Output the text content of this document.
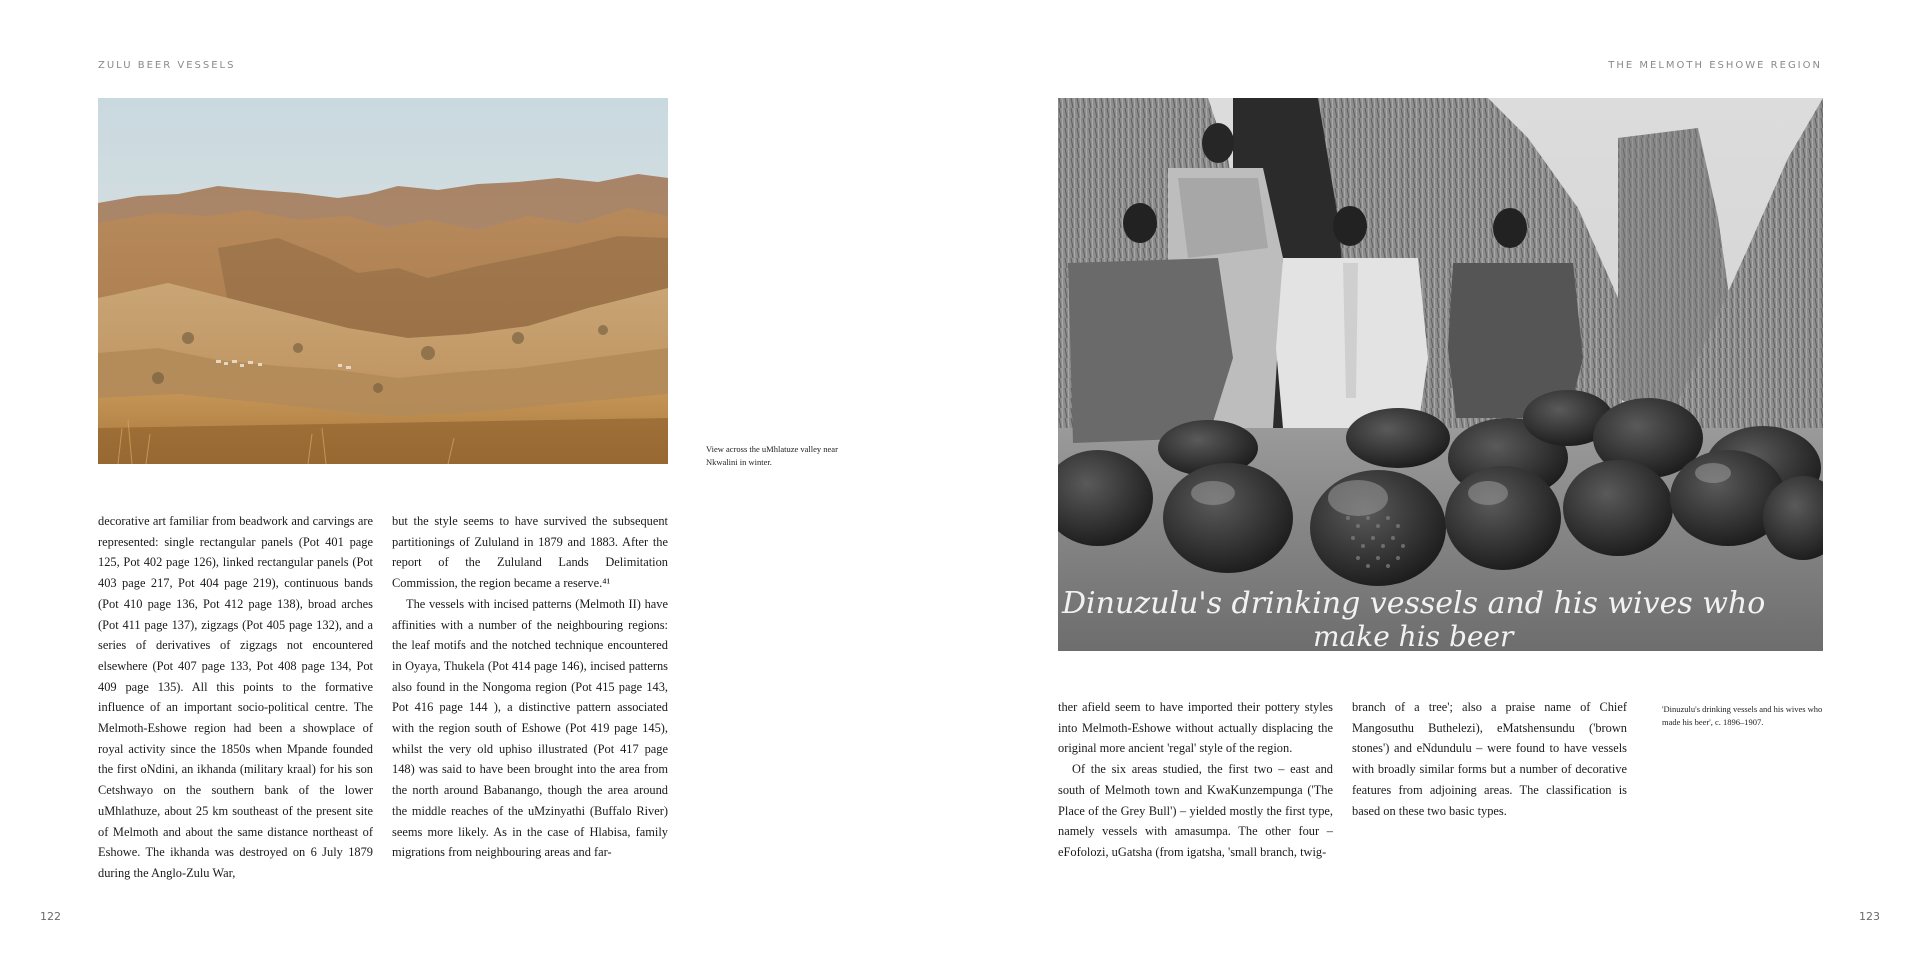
ZULU BEER VESSELS	THE MELMOTH ESHOWE REGION
View across the uMhlatuze valley near Nkwalini in winter.

decorative art familiar from beadwork and carvings are represented: single rectangular panels (Pot 401 page 125, Pot 402 page 126), linked rectangular panels (Pot 403 page 217, Pot 404 page 219), continuous bands (Pot 410 page 136, Pot 412 page 138), broad arches (Pot 411 page 137), zigzags (Pot 405 page 132), and a series of derivatives of zigzags not encountered elsewhere (Pot 407 page 133, Pot 408 page 134, Pot 409 page 135). All this points to the formative influence of an important socio-political centre. The Melmoth-Eshowe region had been a showplace of royal activity since the 1850s when Mpande founded the first oNdini, an ikhanda (military kraal) for his son Cetshwayo on the southern bank of the lower uMhlathuze, about 25 km southeast of the present site of Melmoth and about the same distance northeast of Eshowe. The ikhanda was destroyed on 6 July 1879 during the Anglo-Zulu War,

but the style seems to have survived the subsequent partitionings of Zululand in 1879 and 1883. After the report of the Zululand Lands Delimitation Commission, the region became a reserve.⁴¹

The vessels with incised patterns (Melmoth II) have affinities with a number of the neighbouring regions: the leaf motifs and the notched technique encountered in Oyaya, Thukela (Pot 414 page 146), incised patterns also found in the Nongoma region (Pot 415 page 143, Pot 416 page 144 ), a distinctive pattern associated with the region south of Eshowe (Pot 419 page 145), whilst the very old uphiso illustrated (Pot 417 page 148) was said to have been brought into the area from the north around Babanango, though the area around the middle reaches of the uMzinyathi (Buffalo River) seems more likely. As in the case of Hlabisa, family migrations from neighbouring areas and far-

Dinuzulu's drinking vessels and his wives who
make his beer
'Dinuzulu's drinking vessels and his wives who made his beer', c. 1896–1907.

ther afield seem to have imported their pottery styles into Melmoth-Eshowe without actually displacing the original more ancient 'regal' style of the region.

Of the six areas studied, the first two – east and south of Melmoth town and KwaKunzempunga ('The Place of the Grey Bull') – yielded mostly the first type, namely vessels with amasumpa. The other four – eFofolozi, uGatsha (from igatsha, 'small branch, twig-

branch of a tree'; also a praise name of Chief Mangosuthu Buthelezi), eMatshensundu ('brown stones') and eNdundulu – were found to have vessels with broadly similar forms but a number of decorative features from adjoining areas. The classification is based on these two basic types.

122	123
